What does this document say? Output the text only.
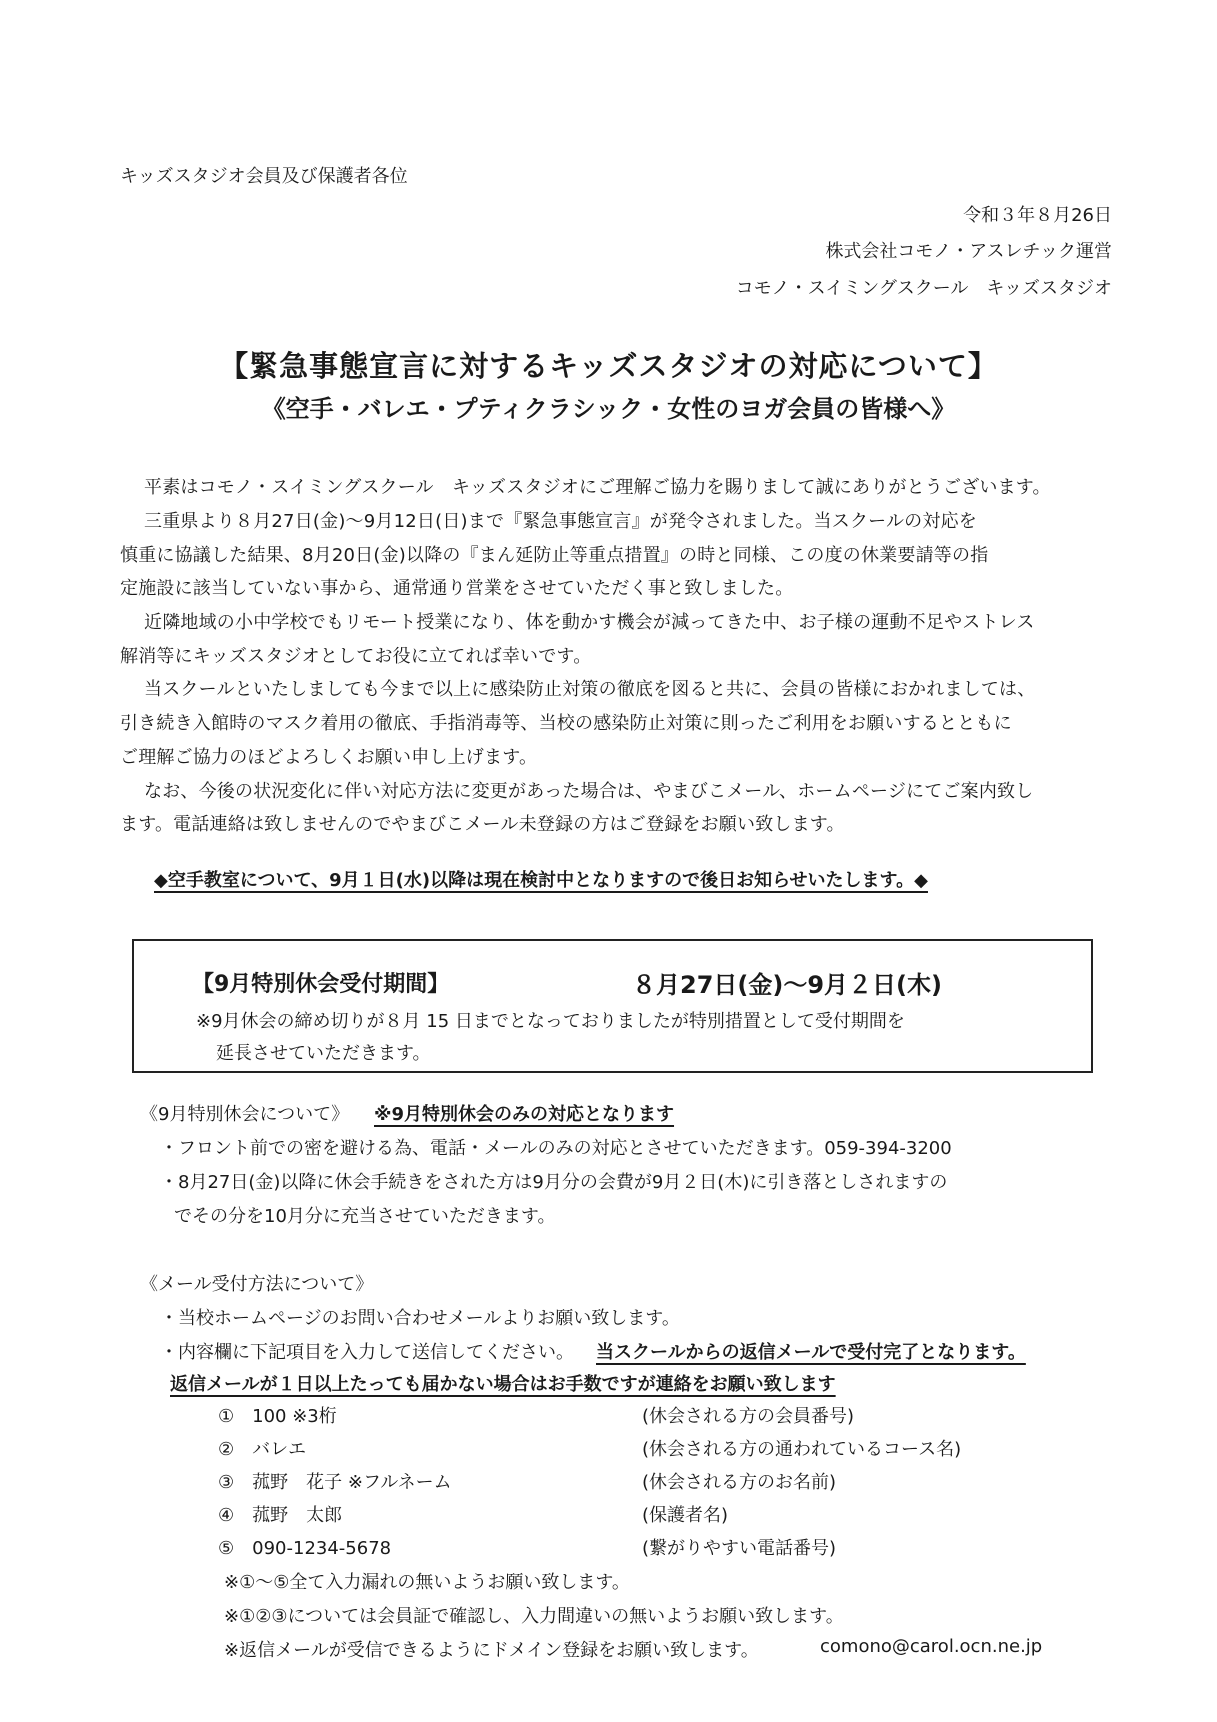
キッズスタジオ会員及び保護者各位
令和３年８月26日
株式会社コモノ・アスレチック運営
コモノ・スイミングスクール　キッズスタジオ
【緊急事態宣言に対するキッズスタジオの対応について】
《空手・バレエ・プティクラシック・女性のヨガ会員の皆様へ》
平素はコモノ・スイミングスクール　キッズスタジオにご理解ご協力を賜りまして誠にありがとうございます。
三重県より８月27日(金)～9月12日(日)まで『緊急事態宣言』が発令されました。当スクールの対応を
慎重に協議した結果、8月20日(金)以降の『まん延防止等重点措置』の時と同様、この度の休業要請等の指
定施設に該当していない事から、通常通り営業をさせていただく事と致しました。
近隣地域の小中学校でもリモート授業になり、体を動かす機会が減ってきた中、お子様の運動不足やストレス
解消等にキッズスタジオとしてお役に立てれば幸いです。
当スクールといたしましても今まで以上に感染防止対策の徹底を図ると共に、会員の皆様におかれましては、
引き続き入館時のマスク着用の徹底、手指消毒等、当校の感染防止対策に則ったご利用をお願いするとともに
ご理解ご協力のほどよろしくお願い申し上げます。
なお、今後の状況変化に伴い対応方法に変更があった場合は、やまびこメール、ホームページにてご案内致し
ます。電話連絡は致しませんのでやまびこメール未登録の方はご登録をお願い致します。
◆空手教室について、9月１日(水)以降は現在検討中となりますので後日お知らせいたします。◆
【9月特別休会受付期間】	８月27日(金)～9月２日(木)
※9月休会の締め切りが８月 15 日までとなっておりましたが特別措置として受付期間を
延長させていただきます。
《9月特別休会について》 ※9月特別休会のみの対応となります
・フロント前での密を避ける為、電話・メールのみの対応とさせていただきます。059-394-3200
・8月27日(金)以降に休会手続きをされた方は9月分の会費が9月２日(木)に引き落としされますの
でその分を10月分に充当させていただきます。
《メール受付方法について》
・当校ホームページのお問い合わせメールよりお願い致します。
・内容欄に下記項目を入力して送信してください。 当スクールからの返信メールで受付完了となります。
返信メールが１日以上たっても届かない場合はお手数ですが連絡をお願い致します
①　100 ※3桁	(休会される方の会員番号)
②　バレエ	(休会される方の通われているコース名)
③　菰野　花子 ※フルネーム	(休会される方のお名前)
④　菰野　太郎	(保護者名)
⑤　090-1234-5678	(繋がりやすい電話番号)
※①～⑤全て入力漏れの無いようお願い致します。
※①②③については会員証で確認し、入力間違いの無いようお願い致します。
※返信メールが受信できるようにドメイン登録をお願い致します。	comono@carol.ocn.ne.jp
